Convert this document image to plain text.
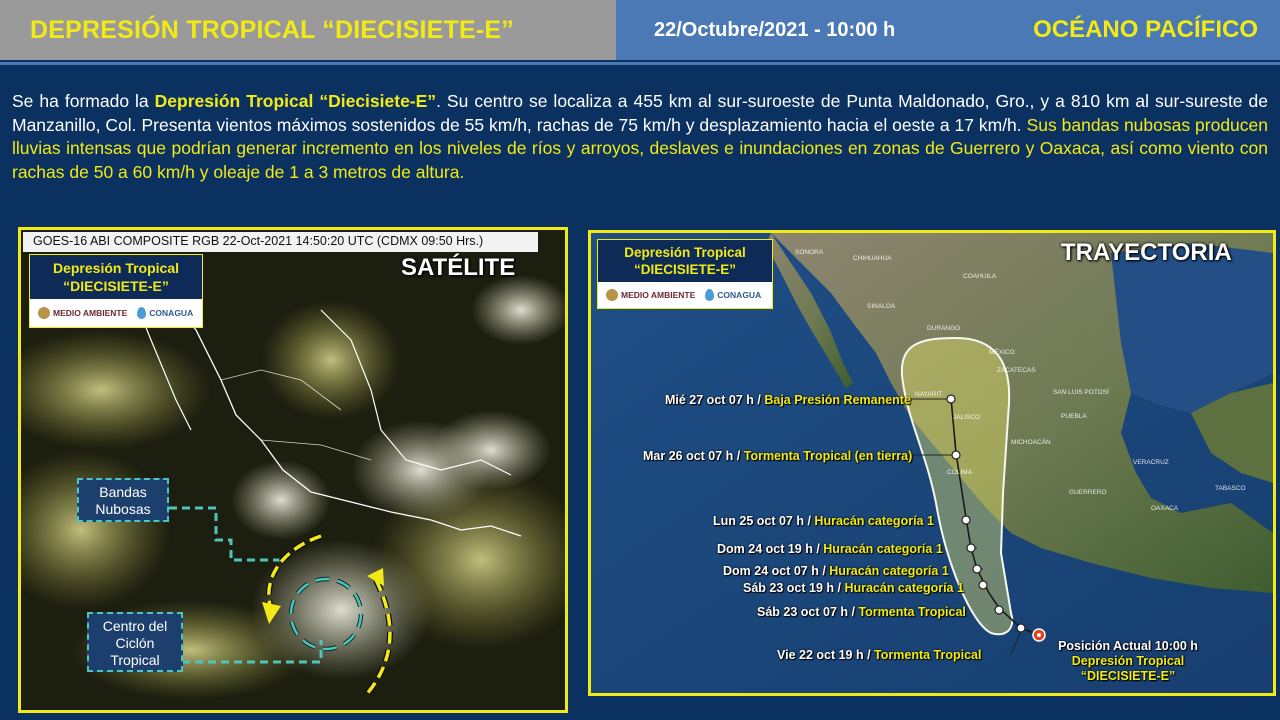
DEPRESIÓN TROPICAL “DIECISIETE-E”	22/Octubre/2021 - 10:00 h	OCÉANO PACÍFICO

Se ha formado la Depresión Tropical “Diecisiete-E”. Su centro se localiza a 455 km al sur-suroeste de Punta Maldonado, Gro., y a 810 km al sur-sureste de Manzanillo, Col. Presenta vientos máximos sostenidos de 55 km/h, rachas de 75 km/h y desplazamiento hacia el oeste a 17 km/h. Sus bandas nubosas producen lluvias intensas que podrían generar incremento en los niveles de ríos y arroyos, deslaves e inundaciones en zonas de Guerrero y Oaxaca, así como viento con rachas de 50 a 60 km/h y oleaje de 1 a 3 metros de altura.

GOES-16 ABI COMPOSITE RGB 22-Oct-2021 14:50:20 UTC (CDMX 09:50 Hrs.)
Depresión Tropical
“DIECISIETE-E”
MEDIO AMBIENTE	CONAGUA
SATÉLITE
Bandas
Nubosas
Centro del
Ciclón
Tropical
Depresión Tropical
“DIECISIETE-E”
MEDIO AMBIENTE	CONAGUA
TRAYECTORIA
MÉXICO
JALISCO
COLIMA
MICHOACÁN
GUERRERO
OAXACA
VERACRUZ
PUEBLA
TABASCO
SAN LUIS POTOSÍ
ZACATECAS
DURANGO
NAYARIT
SINALOA
CHIHUAHUA
SONORA
COAHUILA
Mié 27 oct 07 h / Baja Presión Remanente
Mar 26 oct 07 h / Tormenta Tropical (en tierra)
Lun 25 oct 07 h / Huracán categoría 1
Dom 24 oct 19 h / Huracán categoría 1
Dom 24 oct 07 h / Huracán categoría 1
Sáb 23 oct 19 h / Huracán categoría 1
Sáb 23 oct 07 h / Tormenta Tropical
Vie 22 oct 19 h / Tormenta Tropical
Posición Actual 10:00 h
Depresión Tropical
“DIECISIETE-E”
